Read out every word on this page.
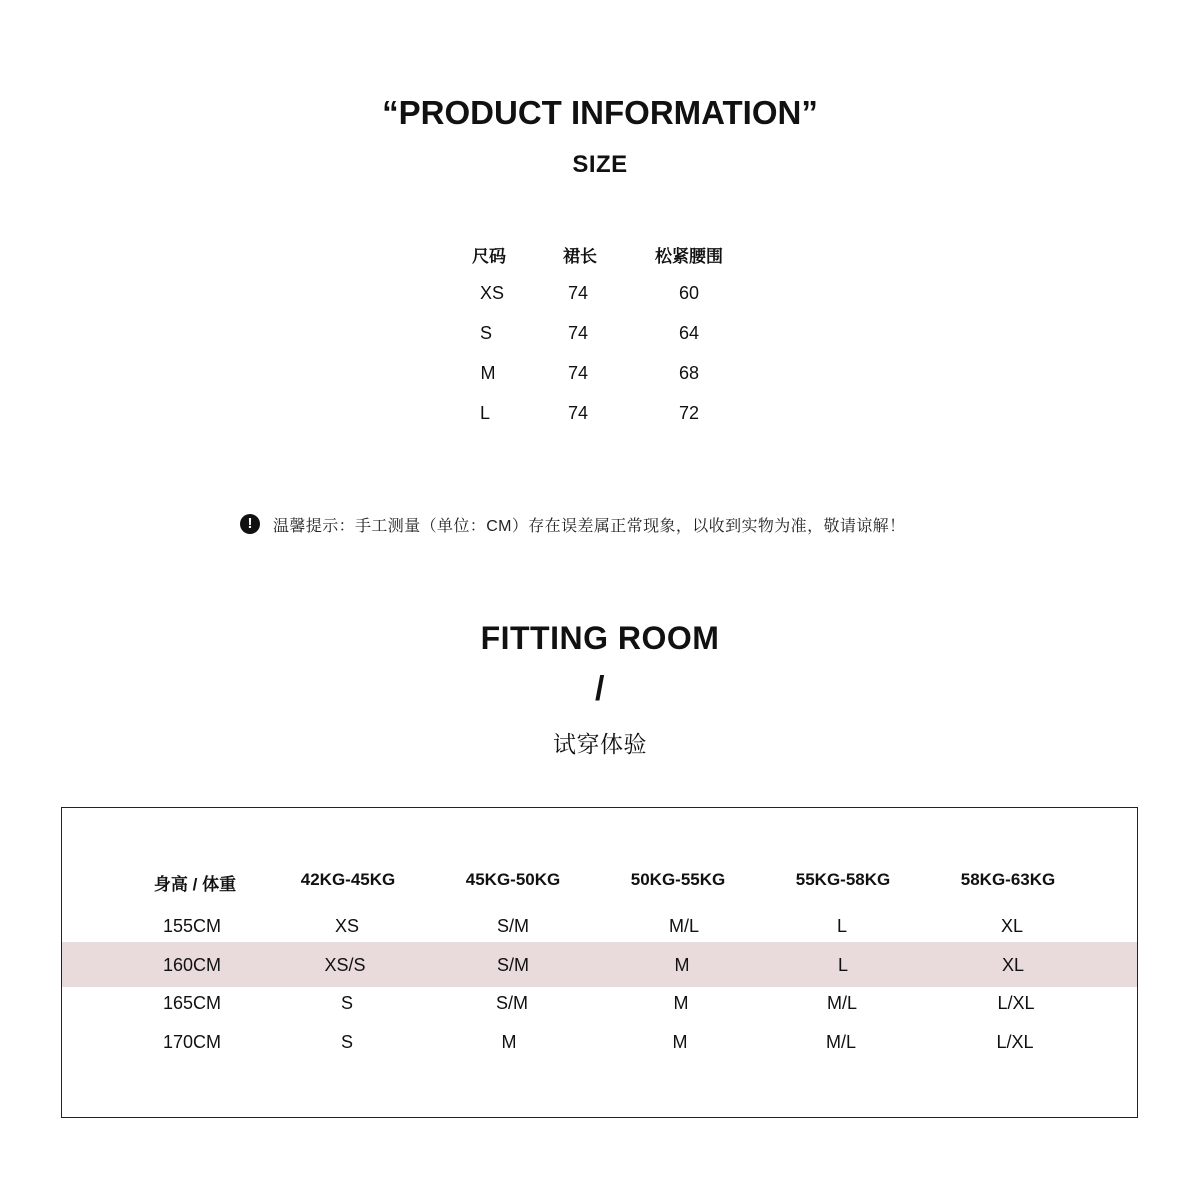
“PRODUCT INFORMATION”
SIZE
尺码	裙长	松紧腰围
XS	74	60
S	74	64
M	74	68
L	74	72
!	温馨提示：手工测量（单位：CM）存在误差属正常现象，以收到实物为准，敬请谅解！
FITTING ROOM
/
试穿体验
身高 / 体重	42KG-45KG	45KG-50KG	50KG-55KG	55KG-58KG	58KG-63KG
155CM	XS	S/M	M/L	L	XL
160CM	XS/S	S/M	M	L	XL
165CM	S	S/M	M	M/L	L/XL
170CM	S	M	M	M/L	L/XL
